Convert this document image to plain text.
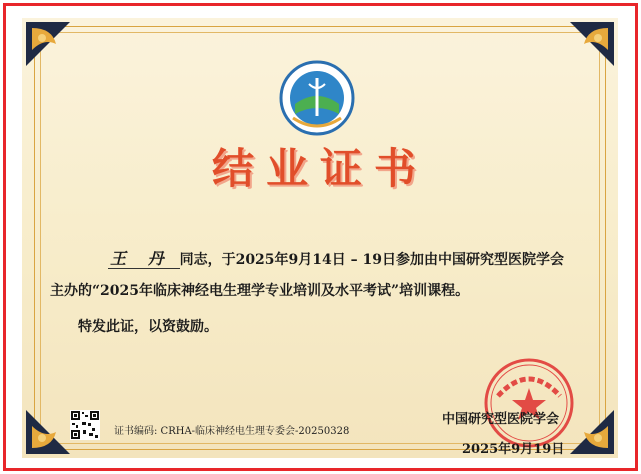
结业证书
王 丹 同志，于2025年9月14日 – 19日参加由中国研究型医院学会
主办的“2025年临床神经电生理学专业培训及水平考试”培训课程。
特发此证，以资鼓励。
证书编码: CRHA-临床神经电生理专委会-20250328
中国研究型医院学会
2025年9月19日
